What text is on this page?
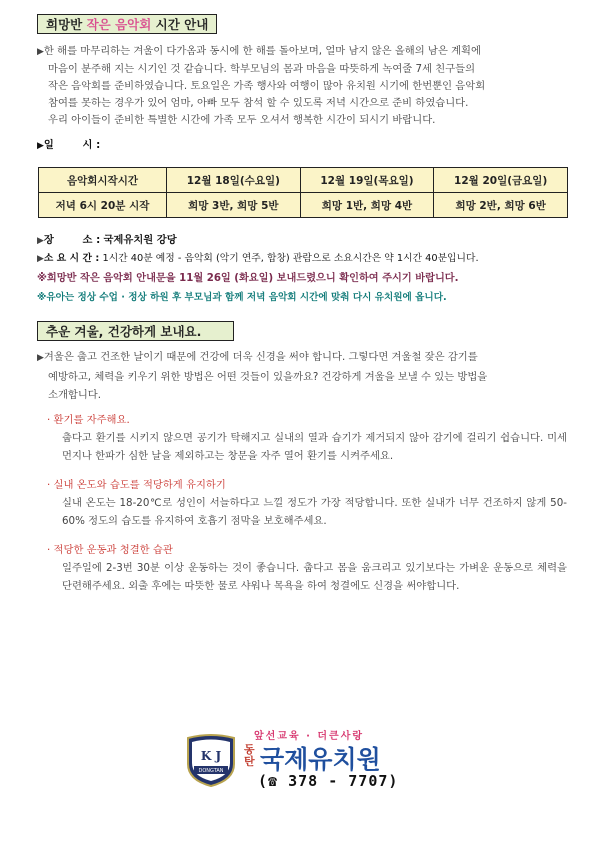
희망반 작은 음악회 시간 안내
▶한 해를 마무리하는 겨울이 다가옴과 동시에 한 해를 돌아보며, 얼마 남지 않은 올해의 남은 계획에
마음이 분주해 지는 시기인 것 같습니다. 학부모님의 몸과 마음을 따뜻하게 녹여줄 7세 친구들의
작은 음악회를 준비하였습니다. 토요일은 가족 행사와 여행이 많아 유치원 시기에 한번뿐인 음악회
참여를 못하는 경우가 있어 엄마, 아빠 모두 참석 할 수 있도록 저녁 시간으로 준비 하였습니다.
우리 아이들이 준비한 특별한 시간에 가족 모두 오셔서 행복한 시간이 되시기 바랍니다.
▶일        시 :
음악회시작시간	12월 18일(수요일)	12월 19일(목요일)	12월 20일(금요일)
저녁 6시 20분 시작	희망 3반, 희망 5반	희망 1반, 희망 4반	희망 2반, 희망 6반
▶장        소 : 국제유치원 강당
▶소 요 시 간 : 1시간 40분 예정 - 음악회 (악기 연주, 합창) 관람으로 소요시간은 약 1시간 40분입니다.
※희망반 작은 음악회 안내문을 11월 26일 (화요일) 보내드렸으니 확인하여 주시기 바랍니다.
※유아는 정상 수업 · 정상 하원 후 부모님과 함께 저녁 음악회 시간에 맞춰 다시 유치원에 옵니다.
추운 겨울, 건강하게 보내요.
▶겨울은 춥고 건조한 날이기 때문에 건강에 더욱 신경을 써야 합니다. 그렇다면 겨울철 잦은 감기를
예방하고, 체력을 키우기 위한 방법은 어떤 것들이 있을까요? 건강하게 겨울을 보낼 수 있는 방법을
소개합니다.
· 환기를 자주해요.
춥다고 환기를 시키지 않으면 공기가 탁해지고 실내의 열과 습기가 제거되지 않아 감기에 걸리기 쉽습니다. 미세먼지나 한파가 심한 날을 제외하고는 창문을 자주 열어 환기를 시켜주세요.
· 실내 온도와 습도를 적당하게 유지하기
실내 온도는 18-20℃로 성인이 서늘하다고 느낄 정도가 가장 적당합니다. 또한 실내가 너무 건조하지 않게 50-60% 정도의 습도를 유지하여 호흡기 점막을 보호해주세요.
· 적당한 운동과 청결한 습관
일주일에 2-3번 30분 이상 운동하는 것이 좋습니다. 춥다고 몸을 움크리고 있기보다는 가벼운 운동으로 체력을 단련해주세요. 외출 후에는 따뜻한 물로 샤워나 목욕을 하여 청결에도 신경을 써야합니다.
K J
DONGTAN
앞선교육 · 더큰사랑
동탄 국제유치원
(☎ 378 - 7707)
